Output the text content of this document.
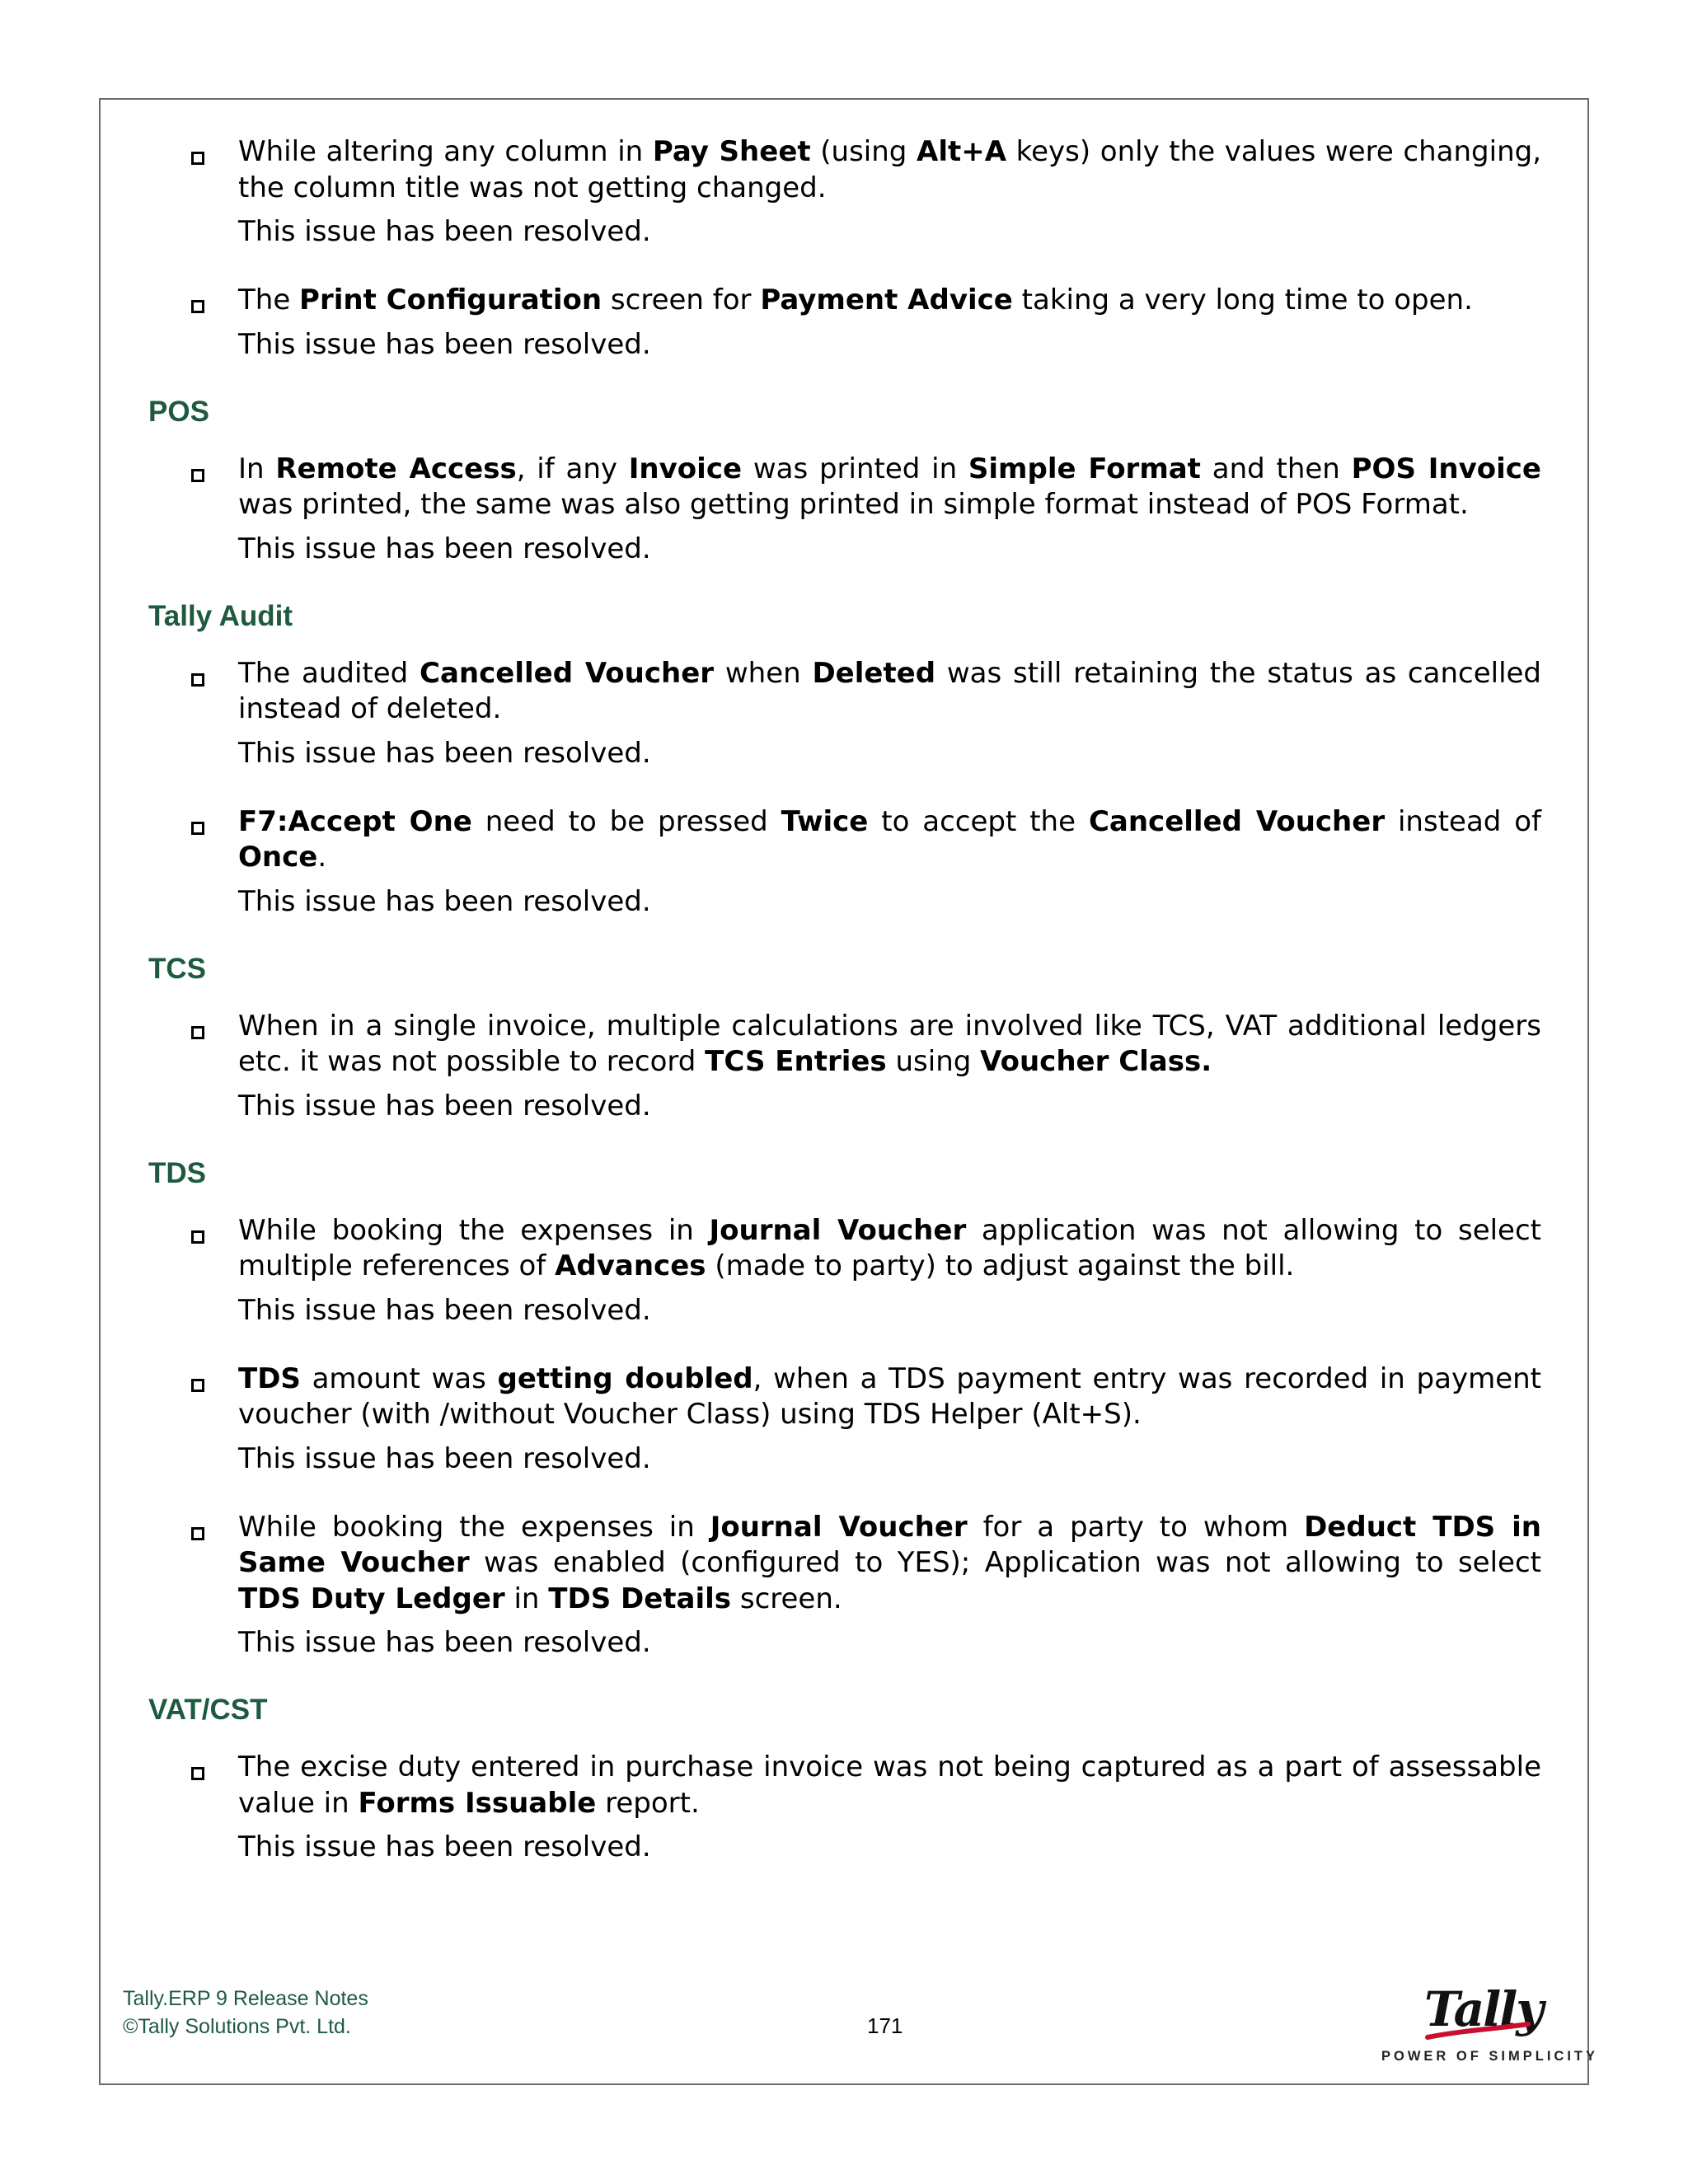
While altering any column in Pay Sheet (using Alt+A keys) only the values were changing, the column title was not getting changed.

This issue has been resolved.

The Print Configuration screen for Payment Advice taking a very long time to open.

This issue has been resolved.
POS

In Remote Access, if any Invoice was printed in Simple Format and then POS Invoice was printed, the same was also getting printed in simple format instead of POS Format.

This issue has been resolved.
Tally Audit

The audited Cancelled Voucher when Deleted was still retaining the status as cancelled instead of deleted.

This issue has been resolved.

F7:Accept One need to be pressed Twice to accept the Cancelled Voucher instead of Once.

This issue has been resolved.
TCS

When in a single invoice, multiple calculations are involved like TCS, VAT additional ledgers etc. it was not possible to record TCS Entries using Voucher Class.

This issue has been resolved.
TDS

While booking the expenses in Journal Voucher application was not allowing to select multiple references of Advances (made to party) to adjust against the bill.

This issue has been resolved.

TDS amount was getting doubled, when a TDS payment entry was recorded in payment voucher (with /without Voucher Class) using TDS Helper (Alt+S).

This issue has been resolved.

While booking the expenses in Journal Voucher for a party to whom Deduct TDS in Same Voucher was enabled (configured to YES); Application was not allowing to select TDS Duty Ledger in TDS Details screen.

This issue has been resolved.
VAT/CST

The excise duty entered in purchase invoice was not being captured as a part of assessable value in Forms Issuable report.

This issue has been resolved.
Tally.ERP 9 Release Notes
©Tally Solutions Pvt. Ltd.	171	Tally
POWER OF SIMPLICITY
